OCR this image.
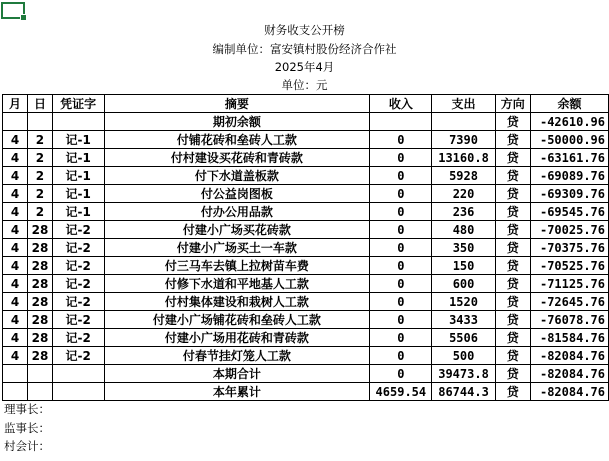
财务收支公开榜
编制单位：富安镇村股份经济合作社
2025年4月
单位：元
月	日	凭证字	摘要	收入	支出	方向	余额
			期初余额			贷	-42610.96
4	2	记-1	付铺花砖和垒砖人工款	0	7390	贷	-50000.96
4	2	记-1	付村建设买花砖和青砖款	0	13160.8	贷	-63161.76
4	2	记-1	付下水道盖板款	0	5928	贷	-69089.76
4	2	记-1	付公益岗图板	0	220	贷	-69309.76
4	2	记-1	付办公用品款	0	236	贷	-69545.76
4	28	记-2	付建小广场买花砖款	0	480	贷	-70025.76
4	28	记-2	付建小广场买土一车款	0	350	贷	-70375.76
4	28	记-2	付三马车去镇上拉树苗车费	0	150	贷	-70525.76
4	28	记-2	付修下水道和平地基人工款	0	600	贷	-71125.76
4	28	记-2	付村集体建设和栽树人工款	0	1520	贷	-72645.76
4	28	记-2	付建小广场铺花砖和垒砖人工款	0	3433	贷	-76078.76
4	28	记-2	付建小广场用花砖和青砖款	0	5506	贷	-81584.76
4	28	记-2	付春节挂灯笼人工款	0	500	贷	-82084.76
			本期合计	0	39473.8	贷	-82084.76
			本年累计	4659.54	86744.3	贷	-82084.76
理事长：
监事长：
村会计：
